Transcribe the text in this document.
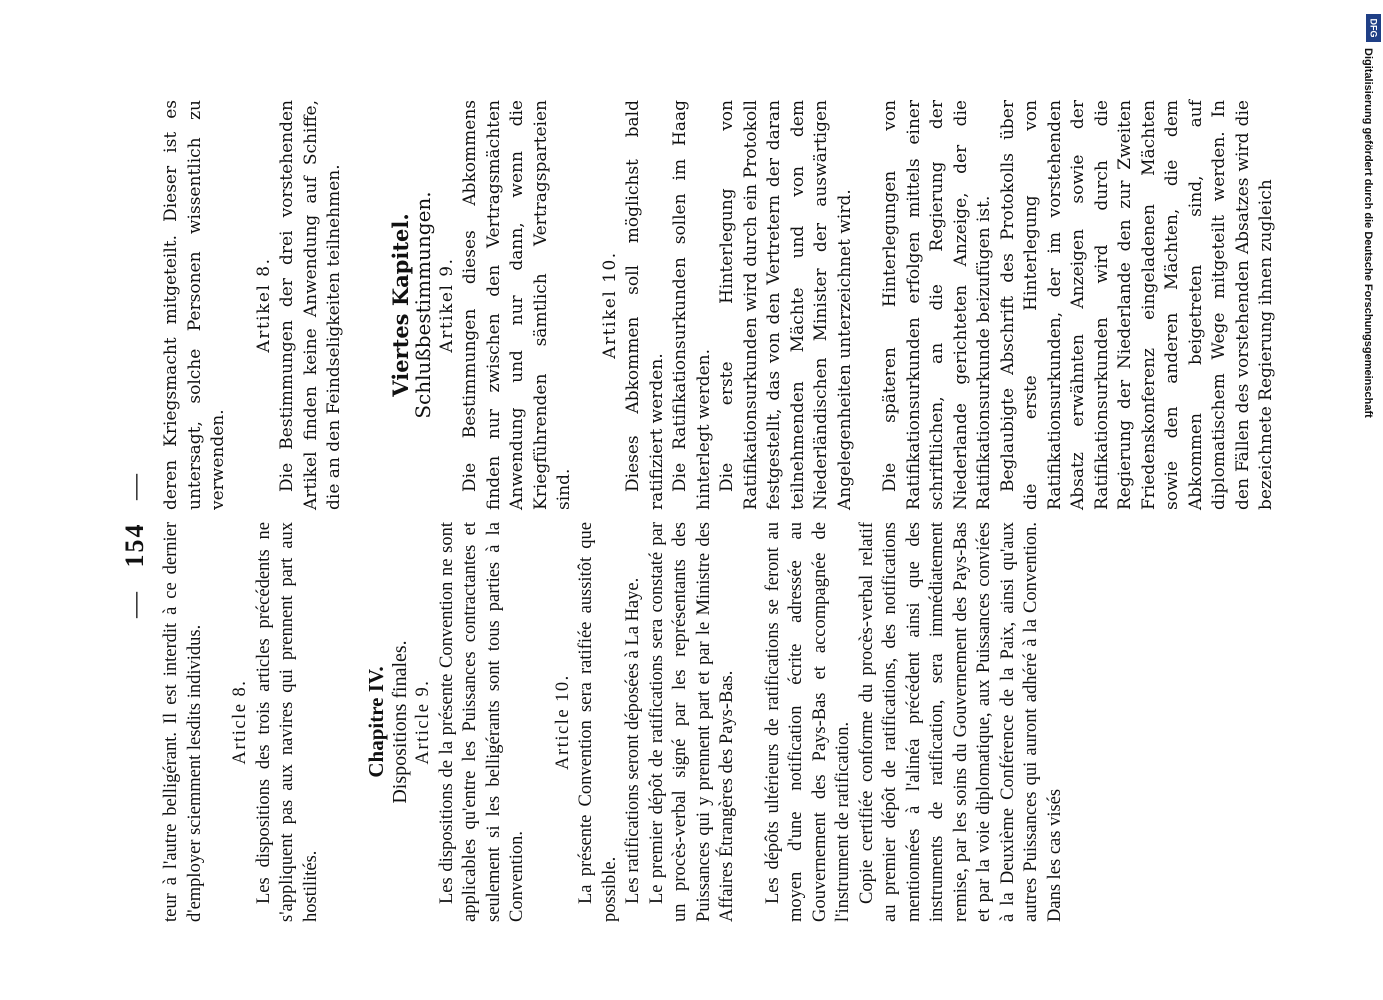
— 154 —

teur à l'autre belligérant. Il est interdit à ce dernier d'employer sciemment lesdits individus. Article 8. Les dispositions des trois articles précédents ne s'appliquent pas aux navires qui prennent part aux hostilités.

Chapitre IV. Dispositions finales. Article 9. Les dispositions de la présente Convention ne sont applicables qu'entre les Puissances contractantes et seulement si les belligérants sont tous parties à la Convention.

Article 10. La présente Convention sera ratifiée aussitôt que possible. Les ratifications seront déposées à La Haye. Le premier dépôt de ratifications sera constaté par un procès-verbal signé par les représentants des Puissances qui y prennent part et par le Ministre des Affaires Étrangères des Pays-Bas. Les dépôts ultérieurs de ratifications se feront au moyen d'une notification écrite adressée au Gouvernement des Pays-Bas et accompagnée de l'instrument de ratification. Copie certifiée conforme du procès-verbal relatif au premier dépôt de ratifications, des notifications mentionnées à l'alinéa précédent ainsi que des instruments de ratification, sera immédiatement remise, par les soins du Gouvernement des Pays-Bas et par la voie diplomatique, aux Puissances conviées à la Deuxième Conférence de la Paix, ainsi qu'aux autres Puissances qui auront adhéré à la Convention. Dans les cas visés

deren Kriegsmacht mitgeteilt. Dieser ist es untersagt, solche Personen wissentlich zu verwenden.

Artikel 8. Die Bestimmungen der drei vorstehenden Artikel finden keine Anwendung auf Schiffe, die an den Feindseligkeiten teilnehmen. Viertes Kapitel.

Schlußbestimmungen. Artikel 9. Die Bestimmungen dieses Abkommens finden nur zwischen den Vertragsmächten Anwendung und nur dann, wenn die Kriegführenden sämtlich Vertragsparteien sind.

Artikel 10. Dieses Abkommen soll möglichst bald ratifiziert werden. Die Ratifikationsurkunden sollen im Haag hinterlegt werden. Die erste Hinterlegung von Ratifikationsurkunden wird durch ein Protokoll festgestellt, das von den Vertretern der daran teilnehmenden Mächte und von dem Niederländischen Minister der auswärtigen Angelegenheiten unterzeichnet wird. Die späteren Hinterlegungen von Ratifikationsurkunden erfolgen mittels einer schriftlichen, an die Regierung der Niederlande gerichteten Anzeige, der die Ratifikationsurkunde beizufügen ist. Beglaubigte Abschrift des Protokolls über die erste Hinterlegung von Ratifikationsurkunden, der im vorstehenden Absatz erwähnten Anzeigen sowie der Ratifikationsurkunden wird durch die Regierung der Niederlande den zur Zweiten Friedenskonferenz eingeladenen Mächten sowie den anderen Mächten, die dem Abkommen beigetreten sind, auf diplomatischem Wege mitgeteilt werden. In den Fällen des vorstehenden Absatzes wird die bezeichnete Regierung ihnen zugleich

DFG
Digitalisierung gefördert durch die Deutsche Forschungsgemeinschaft
